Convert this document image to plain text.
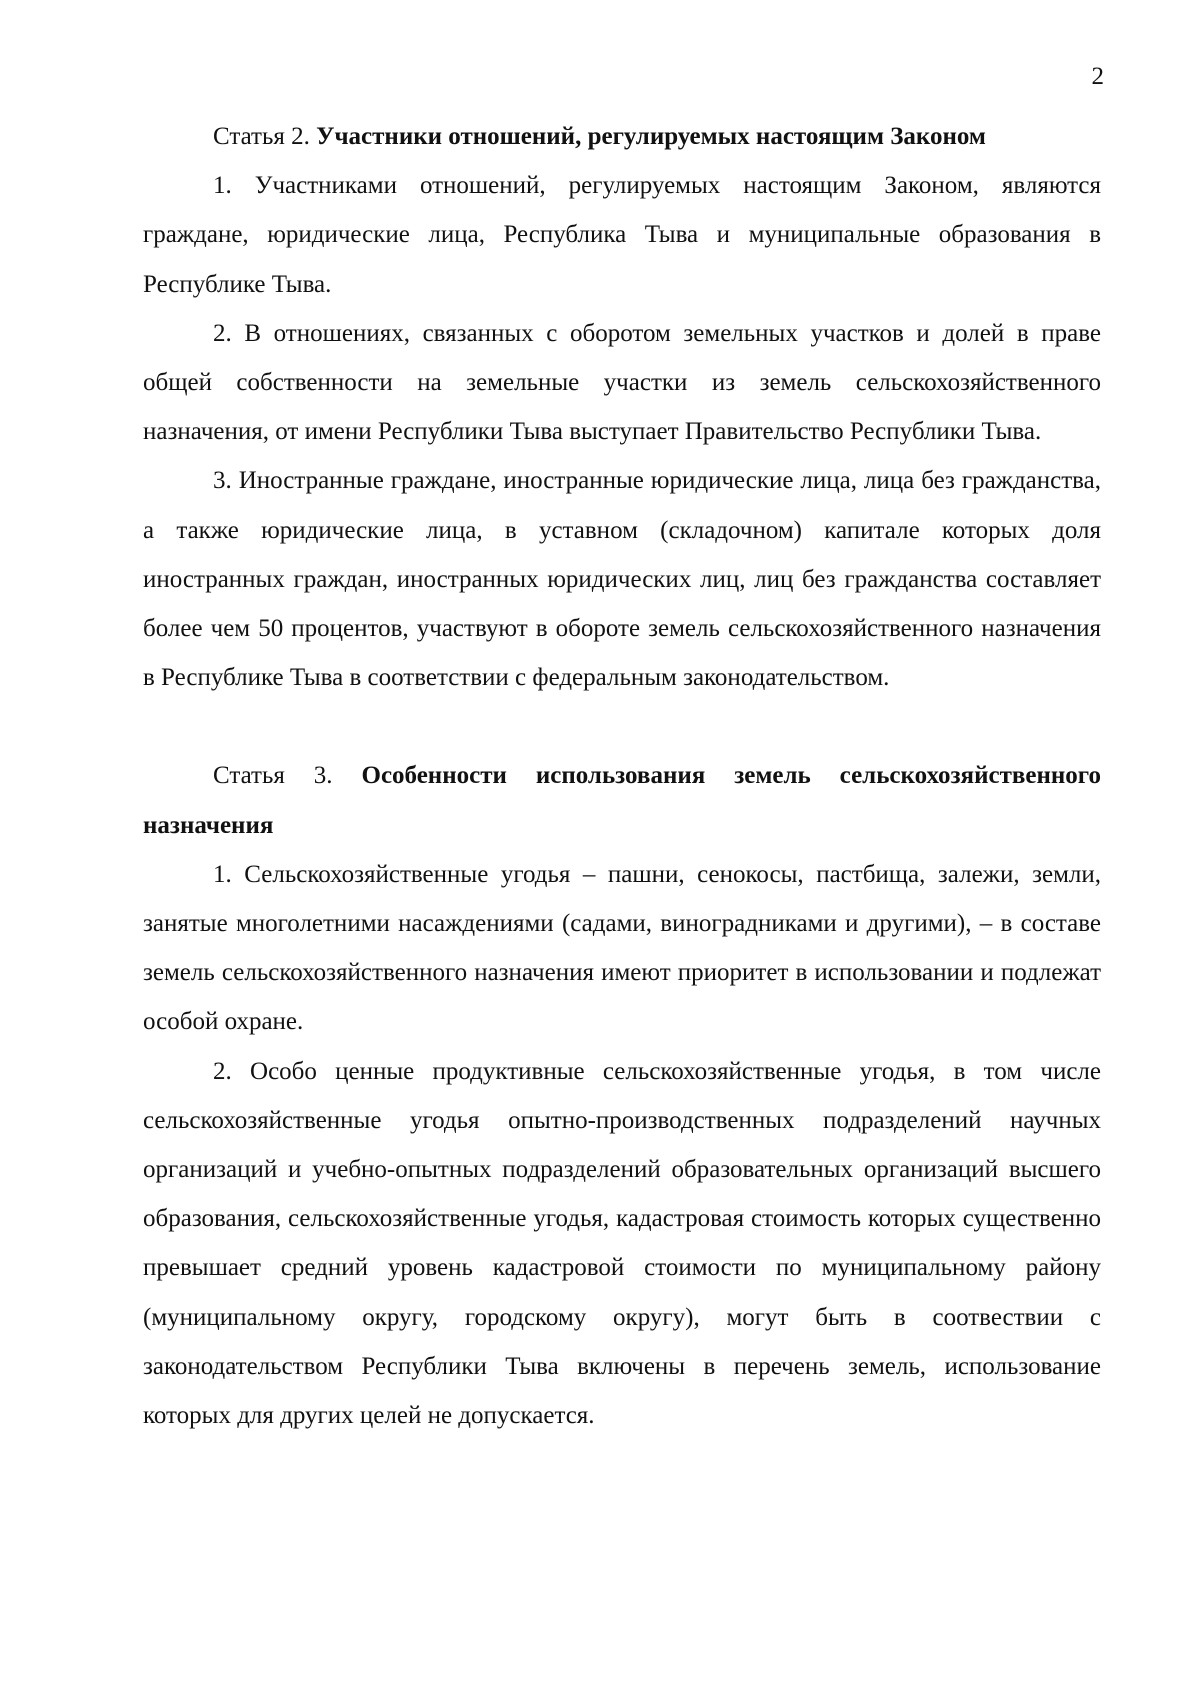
2

Статья 2. Участники отношений, регулируемых настоящим Законом

1. Участниками отношений, регулируемых настоящим Законом, являются граждане, юридические лица, Республика Тыва и муниципальные образования в Республике Тыва.

2. В отношениях, связанных с оборотом земельных участков и долей в праве общей собственности на земельные участки из земель сельскохозяйственного назначения, от имени Республики Тыва выступает Правительство Республики Тыва.

3. Иностранные граждане, иностранные юридические лица, лица без гражданства, а также юридические лица, в уставном (складочном) капитале которых доля иностранных граждан, иностранных юридических лиц, лиц без гражданства составляет более чем 50 процентов, участвуют в обороте земель сельскохозяйственного назначения в Республике Тыва в соответствии с федеральным законодательством.

Статья 3. Особенности использования земель сельскохозяйственного назначения

1. Сельскохозяйственные угодья – пашни, сенокосы, пастбища, залежи, земли, занятые многолетними насаждениями (садами, виноградниками и другими), – в составе земель сельскохозяйственного назначения имеют приоритет в использовании и подлежат особой охране.

2. Особо ценные продуктивные сельскохозяйственные угодья, в том числе сельскохозяйственные угодья опытно-производственных подразделений научных организаций и учебно-опытных подразделений образовательных организаций высшего образования, сельскохозяйственные угодья, кадастровая стоимость которых существенно превышает средний уровень кадастровой стоимости по муниципальному району (муниципальному округу, городскому округу), могут быть в соотвествии с законодательством Республики Тыва включены в перечень земель, использование которых для других целей не допускается.
